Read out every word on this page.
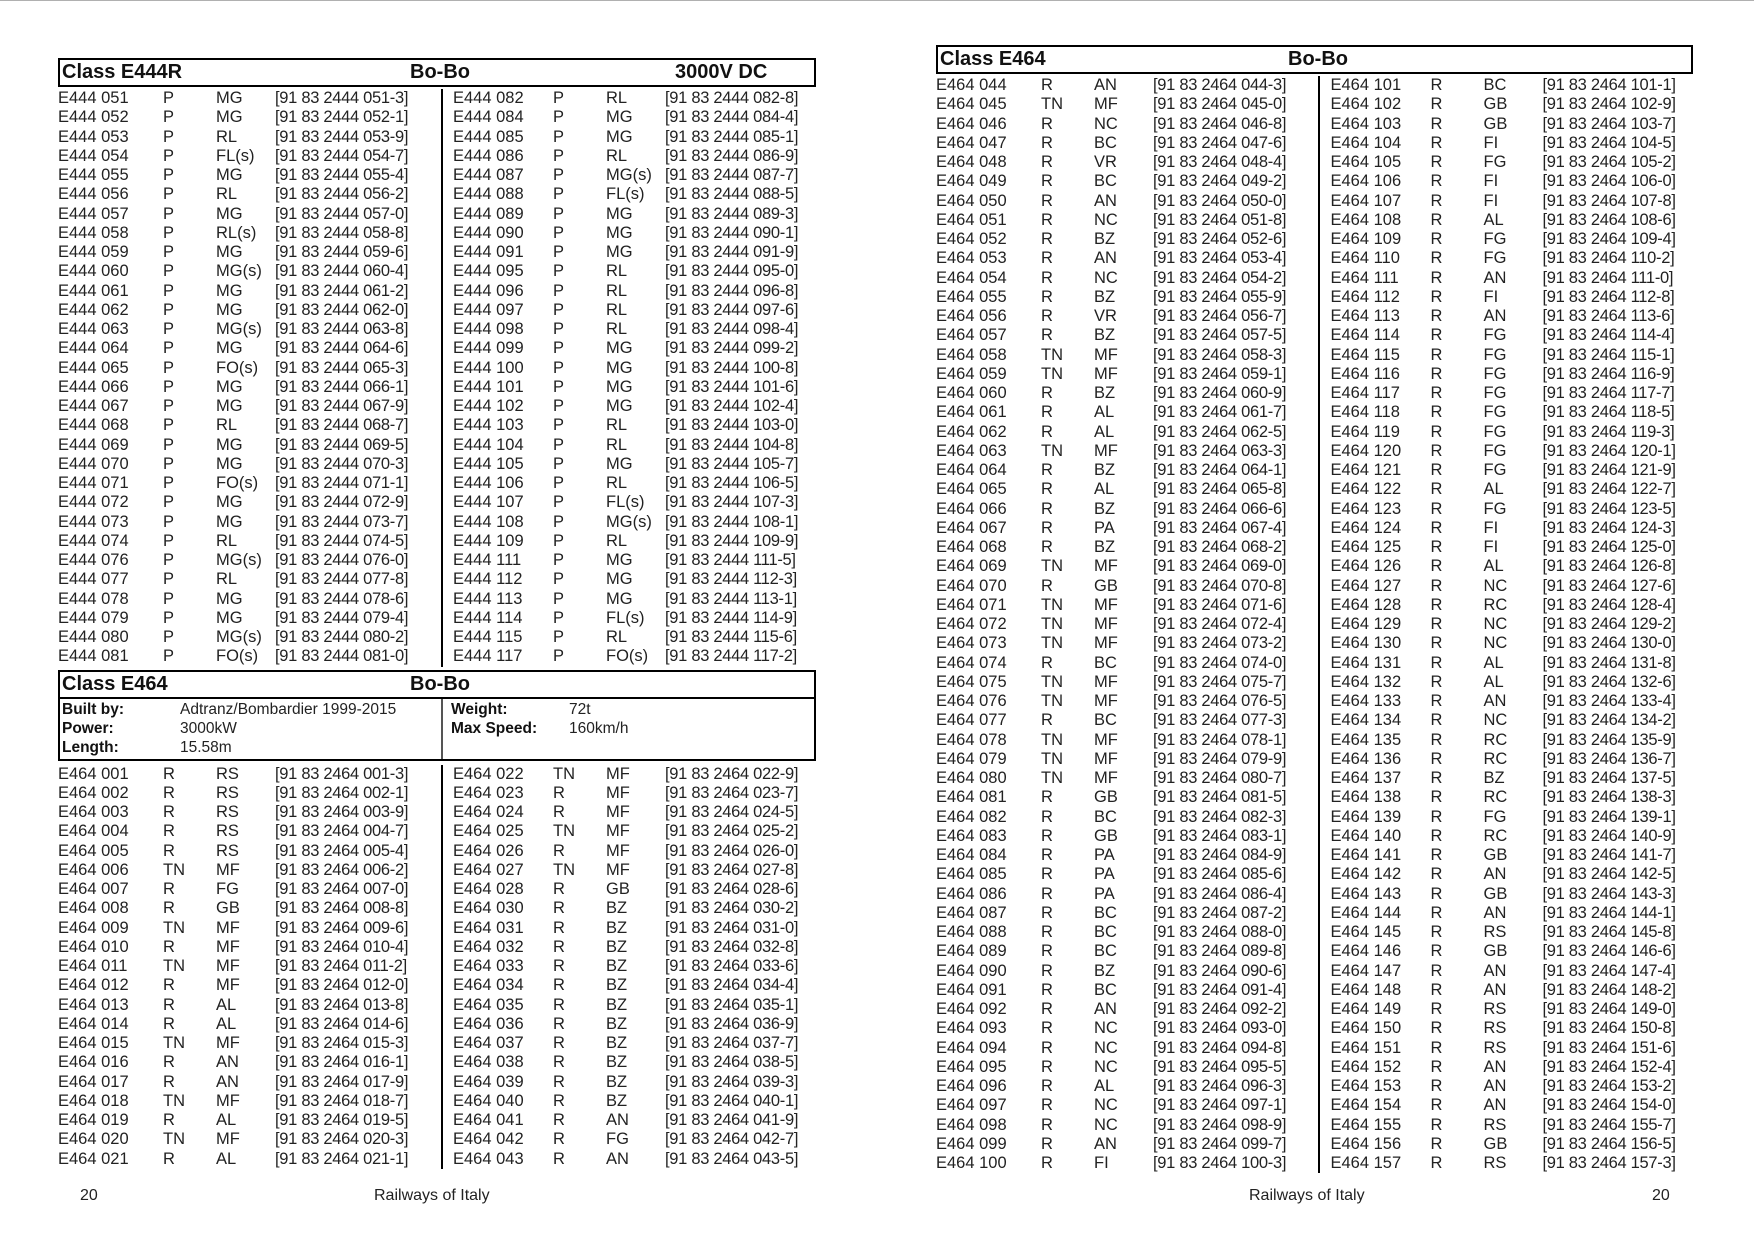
Class E444R	Bo-Bo	3000V DC
E444 051 P	MG [91 83 2444 051-3]
E444 052 P	MG [91 83 2444 052-1]
E444 053 P	RL [91 83 2444 053-9]
E444 054 P	FL(s) [91 83 2444 054-7]
E444 055 P	MG [91 83 2444 055-4]
E444 056 P	RL [91 83 2444 056-2]
E444 057 P	MG [91 83 2444 057-0]
E444 058 P	RL(s) [91 83 2444 058-8]
E444 059 P	MG [91 83 2444 059-6]
E444 060 P	MG(s) [91 83 2444 060-4]
E444 061 P	MG [91 83 2444 061-2]
E444 062 P	MG [91 83 2444 062-0]
E444 063 P	MG(s) [91 83 2444 063-8]
E444 064 P	MG [91 83 2444 064-6]
E444 065 P	FO(s) [91 83 2444 065-3]
E444 066 P	MG [91 83 2444 066-1]
E444 067 P	MG [91 83 2444 067-9]
E444 068 P	RL [91 83 2444 068-7]
E444 069 P	MG [91 83 2444 069-5]
E444 070 P	MG [91 83 2444 070-3]
E444 071 P	FO(s) [91 83 2444 071-1]
E444 072 P	MG [91 83 2444 072-9]
E444 073 P	MG [91 83 2444 073-7]
E444 074 P	RL [91 83 2444 074-5]
E444 076 P	MG(s) [91 83 2444 076-0]
E444 077 P	RL [91 83 2444 077-8]
E444 078 P	MG [91 83 2444 078-6]
E444 079 P	MG [91 83 2444 079-4]
E444 080 P	MG(s) [91 83 2444 080-2]
E444 081 P	FO(s) [91 83 2444 081-0]
E444 082 P	RL [91 83 2444 082-8]
E444 084 P	MG [91 83 2444 084-4]
E444 085 P	MG [91 83 2444 085-1]
E444 086 P	RL [91 83 2444 086-9]
E444 087 P	MG(s) [91 83 2444 087-7]
E444 088 P	FL(s) [91 83 2444 088-5]
E444 089 P	MG [91 83 2444 089-3]
E444 090 P	MG [91 83 2444 090-1]
E444 091 P	MG [91 83 2444 091-9]
E444 095 P	RL [91 83 2444 095-0]
E444 096 P	RL [91 83 2444 096-8]
E444 097 P	RL [91 83 2444 097-6]
E444 098 P	RL [91 83 2444 098-4]
E444 099 P	MG [91 83 2444 099-2]
E444 100 P	MG [91 83 2444 100-8]
E444 101 P	MG [91 83 2444 101-6]
E444 102 P	MG [91 83 2444 102-4]
E444 103 P	RL [91 83 2444 103-0]
E444 104 P	RL [91 83 2444 104-8]
E444 105 P	MG [91 83 2444 105-7]
E444 106 P	RL [91 83 2444 106-5]
E444 107 P	FL(s) [91 83 2444 107-3]
E444 108 P	MG(s) [91 83 2444 108-1]
E444 109 P	RL [91 83 2444 109-9]
E444 111 P	MG [91 83 2444 111-5]
E444 112 P	MG [91 83 2444 112-3]
E444 113 P	MG [91 83 2444 113-1]
E444 114 P	FL(s) [91 83 2444 114-9]
E444 115 P	RL [91 83 2444 115-6]
E444 117 P	FO(s) [91 83 2444 117-2]
Class E464	Bo-Bo
Built by:	Adtranz/Bombardier 1999-2015
Power:	3000kW
Length:	15.58m
Weight:	72t
Max Speed: 160km/h
E464 001 R RS [91 83 2464 001-3]
E464 002 R RS [91 83 2464 002-1]
E464 003 R RS [91 83 2464 003-9]
E464 004 R RS [91 83 2464 004-7]
E464 005 R RS [91 83 2464 005-4]
E464 006 TN MF [91 83 2464 006-2]
E464 007 R FG [91 83 2464 007-0]
E464 008 R GB [91 83 2464 008-8]
E464 009 TN MF [91 83 2464 009-6]
E464 010 R MF [91 83 2464 010-4]
E464 011 TN MF [91 83 2464 011-2]
E464 012 R MF [91 83 2464 012-0]
E464 013 R AL [91 83 2464 013-8]
E464 014 R AL [91 83 2464 014-6]
E464 015 TN MF [91 83 2464 015-3]
E464 016 R AN [91 83 2464 016-1]
E464 017 R AN [91 83 2464 017-9]
E464 018 TN MF [91 83 2464 018-7]
E464 019 R AL [91 83 2464 019-5]
E464 020 TN MF [91 83 2464 020-3]
E464 021 R AL [91 83 2464 021-1]
E464 022 TN MF [91 83 2464 022-9]
E464 023 R MF [91 83 2464 023-7]
E464 024 R MF [91 83 2464 024-5]
E464 025 TN MF [91 83 2464 025-2]
E464 026 R MF [91 83 2464 026-0]
E464 027 TN MF [91 83 2464 027-8]
E464 028 R GB [91 83 2464 028-6]
E464 030 R BZ [91 83 2464 030-2]
E464 031 R BZ [91 83 2464 031-0]
E464 032 R BZ [91 83 2464 032-8]
E464 033 R BZ [91 83 2464 033-6]
E464 034 R BZ [91 83 2464 034-4]
E464 035 R BZ [91 83 2464 035-1]
E464 036 R BZ [91 83 2464 036-9]
E464 037 R BZ [91 83 2464 037-7]
E464 038 R BZ [91 83 2464 038-5]
E464 039 R BZ [91 83 2464 039-3]
E464 040 R BZ [91 83 2464 040-1]
E464 041 R AN [91 83 2464 041-9]
E464 042 R FG [91 83 2464 042-7]
E464 043 R AN [91 83 2464 043-5]
20	Railways of Italy
Class E464	Bo-Bo
E464 044 R AN [91 83 2464 044-3]
E464 045 TN MF [91 83 2464 045-0]
E464 046 R NC [91 83 2464 046-8]
E464 047 R BC [91 83 2464 047-6]
E464 048 R VR [91 83 2464 048-4]
E464 049 R BC [91 83 2464 049-2]
E464 050 R AN [91 83 2464 050-0]
E464 051 R NC [91 83 2464 051-8]
E464 052 R BZ [91 83 2464 052-6]
E464 053 R AN [91 83 2464 053-4]
E464 054 R NC [91 83 2464 054-2]
E464 055 R BZ [91 83 2464 055-9]
E464 056 R VR [91 83 2464 056-7]
E464 057 R BZ [91 83 2464 057-5]
E464 058 TN MF [91 83 2464 058-3]
E464 059 TN MF [91 83 2464 059-1]
E464 060 R BZ [91 83 2464 060-9]
E464 061 R AL [91 83 2464 061-7]
E464 062 R AL [91 83 2464 062-5]
E464 063 TN MF [91 83 2464 063-3]
E464 064 R BZ [91 83 2464 064-1]
E464 065 R AL [91 83 2464 065-8]
E464 066 R BZ [91 83 2464 066-6]
E464 067 R PA [91 83 2464 067-4]
E464 068 R BZ [91 83 2464 068-2]
E464 069 TN MF [91 83 2464 069-0]
E464 070 R GB [91 83 2464 070-8]
E464 071 TN MF [91 83 2464 071-6]
E464 072 TN MF [91 83 2464 072-4]
E464 073 TN MF [91 83 2464 073-2]
E464 074 R BC [91 83 2464 074-0]
E464 075 TN MF [91 83 2464 075-7]
E464 076 TN MF [91 83 2464 076-5]
E464 077 R BC [91 83 2464 077-3]
E464 078 TN MF [91 83 2464 078-1]
E464 079 TN MF [91 83 2464 079-9]
E464 080 TN MF [91 83 2464 080-7]
E464 081 R GB [91 83 2464 081-5]
E464 082 R BC [91 83 2464 082-3]
E464 083 R GB [91 83 2464 083-1]
E464 084 R PA [91 83 2464 084-9]
E464 085 R PA [91 83 2464 085-6]
E464 086 R PA [91 83 2464 086-4]
E464 087 R BC [91 83 2464 087-2]
E464 088 R BC [91 83 2464 088-0]
E464 089 R BC [91 83 2464 089-8]
E464 090 R BZ [91 83 2464 090-6]
E464 091 R BC [91 83 2464 091-4]
E464 092 R AN [91 83 2464 092-2]
E464 093 R NC [91 83 2464 093-0]
E464 094 R NC [91 83 2464 094-8]
E464 095 R NC [91 83 2464 095-5]
E464 096 R AL [91 83 2464 096-3]
E464 097 R NC [91 83 2464 097-1]
E464 098 R NC [91 83 2464 098-9]
E464 099 R AN [91 83 2464 099-7]
E464 100 R FI	[91 83 2464 100-3]
E464 101 R BC [91 83 2464 101-1]
E464 102 R GB [91 83 2464 102-9]
E464 103 R GB [91 83 2464 103-7]
E464 104 R FI	[91 83 2464 104-5]
E464 105 R FG [91 83 2464 105-2]
E464 106 R FI	[91 83 2464 106-0]
E464 107 R FI	[91 83 2464 107-8]
E464 108 R AL [91 83 2464 108-6]
E464 109 R FG [91 83 2464 109-4]
E464 110 R FG [91 83 2464 110-2]
E464 111 R AN [91 83 2464 111-0]
E464 112 R FI	[91 83 2464 112-8]
E464 113 R AN [91 83 2464 113-6]
E464 114 R FG [91 83 2464 114-4]
E464 115 R FG [91 83 2464 115-1]
E464 116 R FG [91 83 2464 116-9]
E464 117 R FG [91 83 2464 117-7]
E464 118 R FG [91 83 2464 118-5]
E464 119 R FG [91 83 2464 119-3]
E464 120 R FG [91 83 2464 120-1]
E464 121 R FG [91 83 2464 121-9]
E464 122 R AL [91 83 2464 122-7]
E464 123 R FG [91 83 2464 123-5]
E464 124 R FI	[91 83 2464 124-3]
E464 125 R FI	[91 83 2464 125-0]
E464 126 R AL [91 83 2464 126-8]
E464 127 R NC [91 83 2464 127-6]
E464 128 R RC [91 83 2464 128-4]
E464 129 R NC [91 83 2464 129-2]
E464 130 R NC [91 83 2464 130-0]
E464 131 R AL [91 83 2464 131-8]
E464 132 R AL [91 83 2464 132-6]
E464 133 R AN [91 83 2464 133-4]
E464 134 R NC [91 83 2464 134-2]
E464 135 R RC [91 83 2464 135-9]
E464 136 R RC [91 83 2464 136-7]
E464 137 R BZ [91 83 2464 137-5]
E464 138 R RC [91 83 2464 138-3]
E464 139 R FG [91 83 2464 139-1]
E464 140 R RC [91 83 2464 140-9]
E464 141 R GB [91 83 2464 141-7]
E464 142 R AN [91 83 2464 142-5]
E464 143 R GB [91 83 2464 143-3]
E464 144 R AN [91 83 2464 144-1]
E464 145 R RS [91 83 2464 145-8]
E464 146 R GB [91 83 2464 146-6]
E464 147 R AN [91 83 2464 147-4]
E464 148 R AN [91 83 2464 148-2]
E464 149 R RS [91 83 2464 149-0]
E464 150 R RS [91 83 2464 150-8]
E464 151 R RS [91 83 2464 151-6]
E464 152 R AN [91 83 2464 152-4]
E464 153 R AN [91 83 2464 153-2]
E464 154 R AN [91 83 2464 154-0]
E464 155 R RS [91 83 2464 155-7]
E464 156 R GB [91 83 2464 156-5]
E464 157 R RS [91 83 2464 157-3]
Railways of Italy	20
